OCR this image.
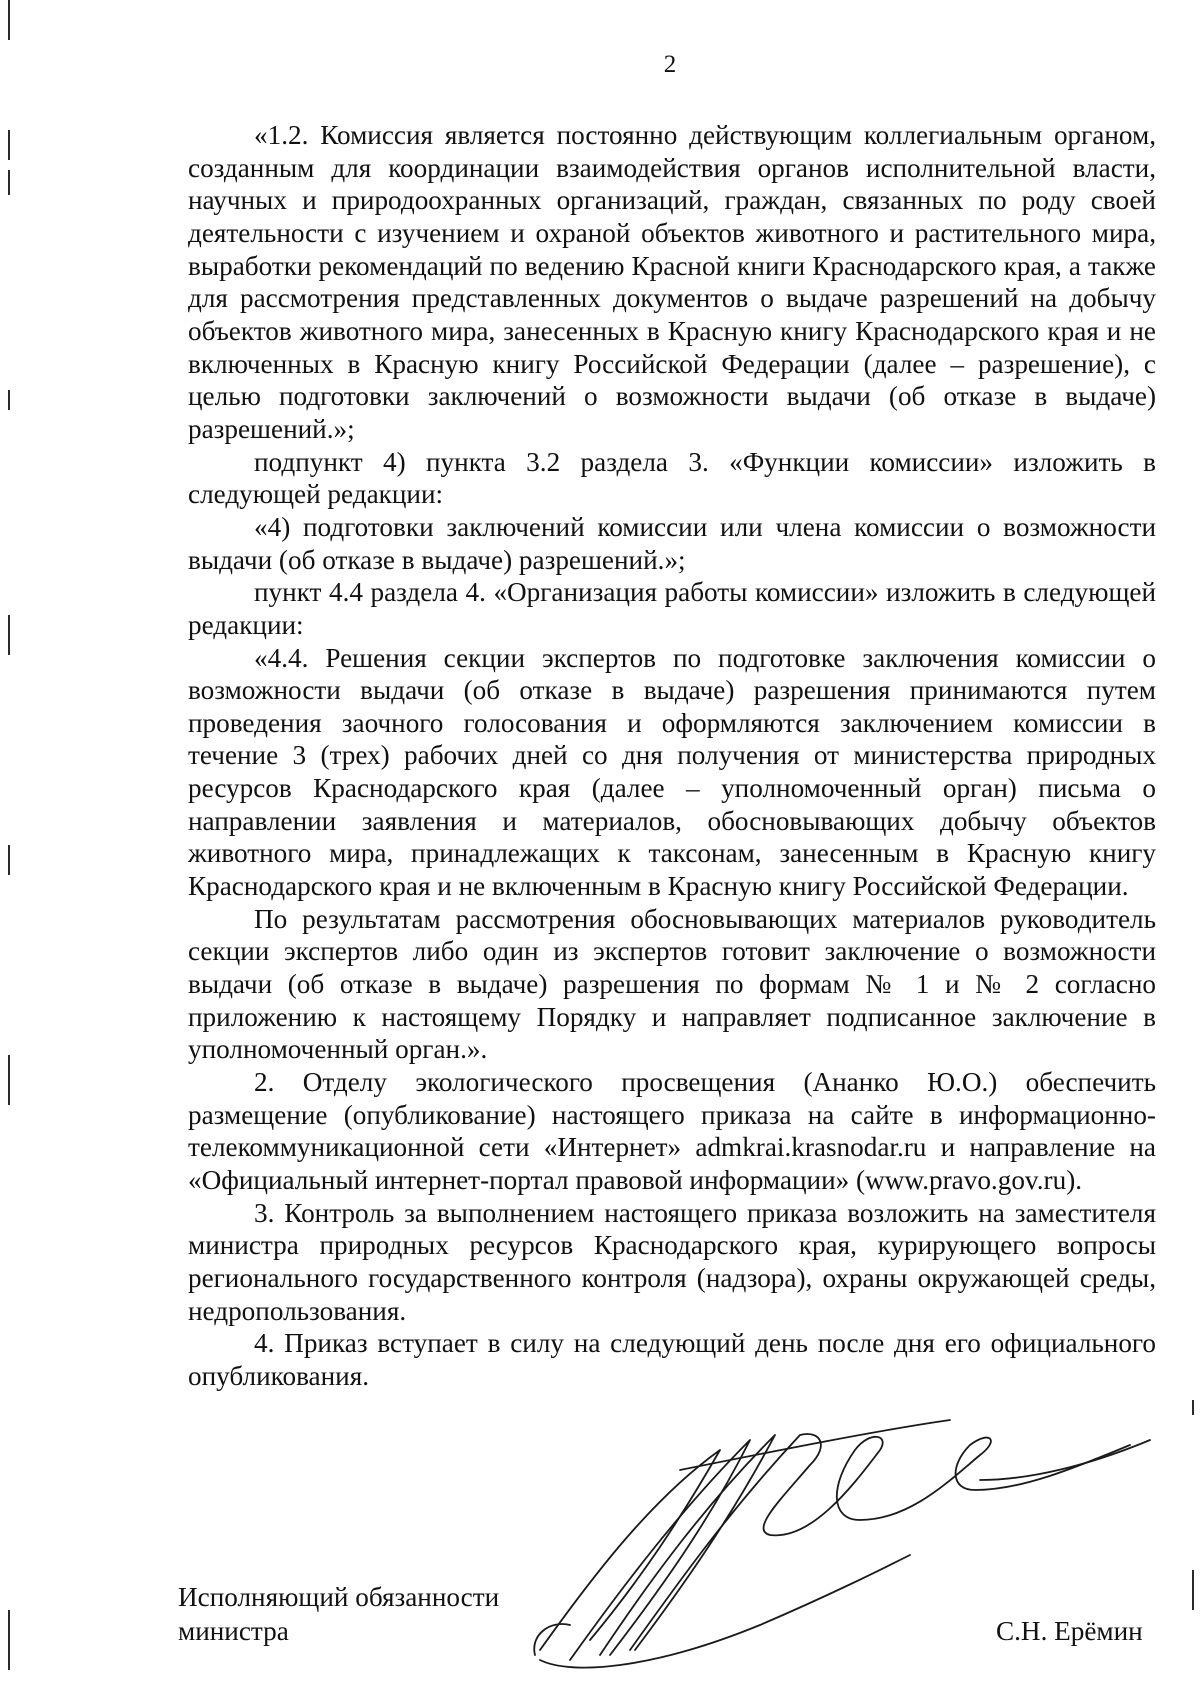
2

«1.2. Комиссия является постоянно действующим коллегиальным органом, созданным для координации взаимодействия органов исполнительной власти, научных и природоохранных организаций, граждан, связанных по роду своей деятельности с изучением и охраной объектов животного и растительного мира, выработки рекомендаций по ведению Красной книги Краснодарского края, а также для рассмотрения представленных документов о выдаче разрешений на добычу объектов животного мира, занесенных в Красную книгу Краснодарского края и не включенных в Красную книгу Российской Федерации (далее – разрешение), с целью подготовки заключений о возможности выдачи (об отказе в выдаче) разрешений.»;

подпункт 4) пункта 3.2 раздела 3. «Функции комиссии» изложить в следующей редакции:

«4) подготовки заключений комиссии или члена комиссии о возможности выдачи (об отказе в выдаче) разрешений.»;

пункт 4.4 раздела 4. «Организация работы комиссии» изложить в следующей редакции:

«4.4. Решения секции экспертов по подготовке заключения комиссии о возможности выдачи (об отказе в выдаче) разрешения принимаются путем проведения заочного голосования и оформляются заключением комиссии в течение 3 (трех) рабочих дней со дня получения от министерства природных ресурсов Краснодарского края (далее – уполномоченный орган) письма о направлении заявления и материалов, обосновывающих добычу объектов животного мира, принадлежащих к таксонам, занесенным в Красную книгу Краснодарского края и не включенным в Красную книгу Российской Федерации.

По результатам рассмотрения обосновывающих материалов руководитель секции экспертов либо один из экспертов готовит заключение о возможности выдачи (об отказе в выдаче) разрешения по формам № 1 и № 2 согласно приложению к настоящему Порядку и направляет подписанное заключение в уполномоченный орган.».

2. Отделу экологического просвещения (Ананко Ю.О.) обеспечить размещение (опубликование) настоящего приказа на сайте в информационно-телекоммуникационной сети «Интернет» admkrai.krasnodar.ru и направление на «Официальный интернет-портал правовой информации» (www.pravo.gov.ru).

3. Контроль за выполнением настоящего приказа возложить на заместителя министра природных ресурсов Краснодарского края, курирующего вопросы регионального государственного контроля (надзора), охраны окружающей среды, недропользования.

4. Приказ вступает в силу на следующий день после дня его официального опубликования.

Исполняющий обязанности
министра	С.Н. Ерёмин
